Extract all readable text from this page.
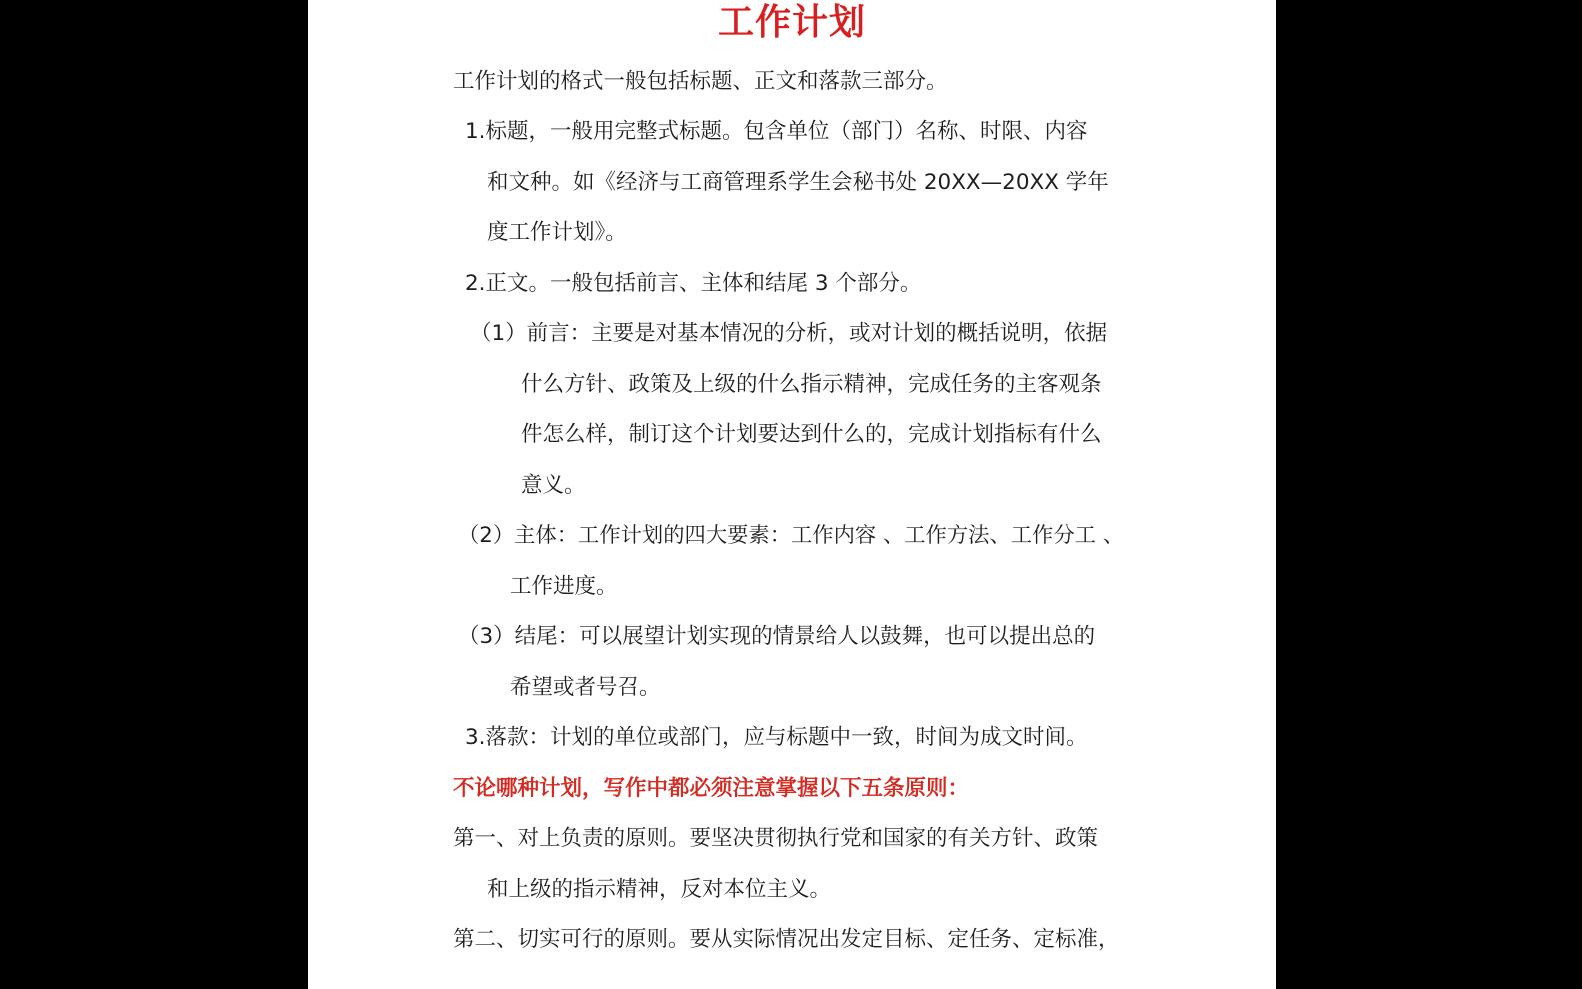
工作计划
工作计划的格式一般包括标题、正文和落款三部分。
1.标题，一般用完整式标题。包含单位（部门）名称、时限、内容
和文种。如《经济与工商管理系学生会秘书处 20XX—20XX 学年
度工作计划》。
2.正文。一般包括前言、主体和结尾 3 个部分。
（1）前言：主要是对基本情况的分析，或对计划的概括说明，依据
什么方针、政策及上级的什么指示精神，完成任务的主客观条
件怎么样，制订这个计划要达到什么的，完成计划指标有什么
意义。
（2）主体：工作计划的四大要素：工作内容 、工作方法、工作分工 、
工作进度。
（3）结尾：可以展望计划实现的情景给人以鼓舞，也可以提出总的
希望或者号召。
3.落款：计划的单位或部门，应与标题中一致，时间为成文时间。
不论哪种计划，写作中都必须注意掌握以下五条原则：
第一、对上负责的原则。要坚决贯彻执行党和国家的有关方针、政策
和上级的指示精神，反对本位主义。
第二、切实可行的原则。要从实际情况出发定目标、定任务、定标准，
